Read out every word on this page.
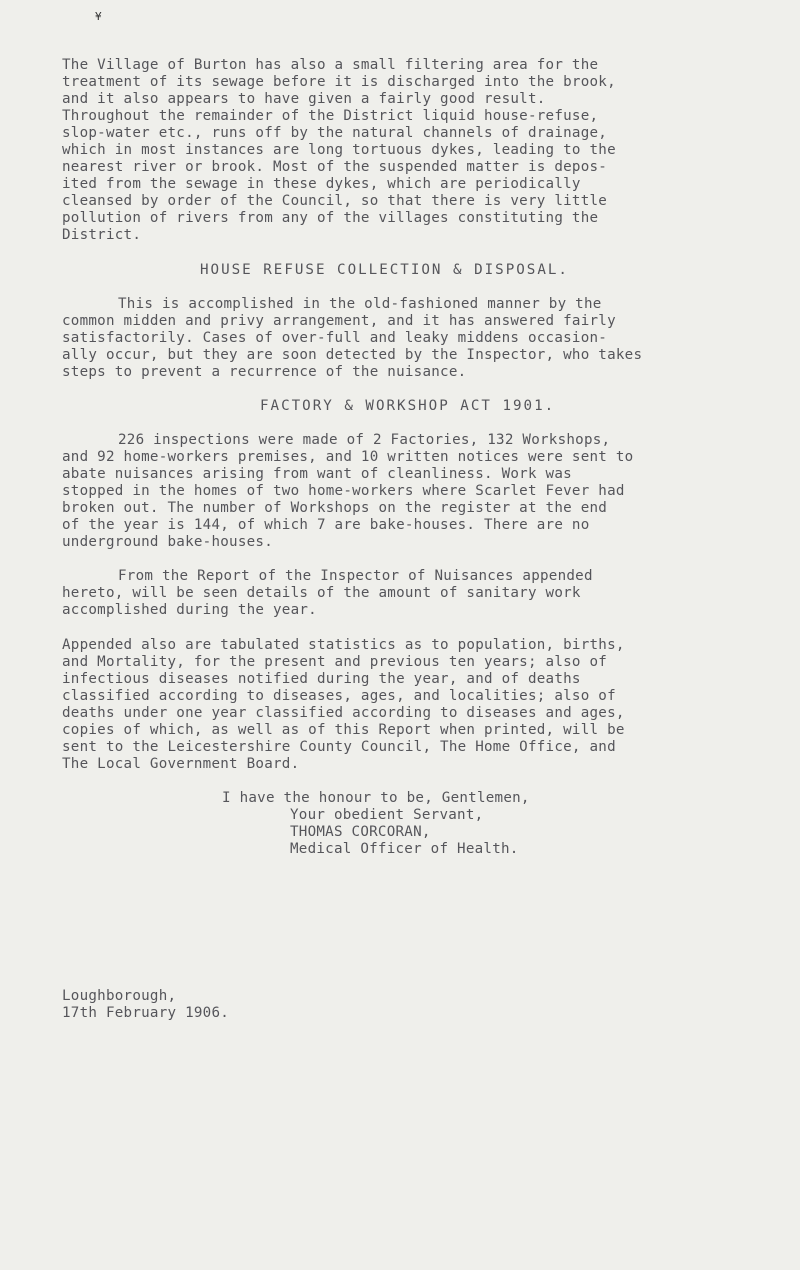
¥
The Village of Burton has also a small filtering area for the
treatment of its sewage before it is discharged into the brook,
and it also appears to have given a fairly good result.
Throughout the remainder of the District liquid house-refuse,
slop-water etc., runs off by the natural channels of drainage,
which in most instances are long tortuous dykes, leading to the
nearest river or brook. Most of the suspended matter is depos-
ited from the sewage in these dykes, which are periodically
cleansed by order of the Council, so that there is very little
pollution of rivers from any of the villages constituting the
District.
HOUSE REFUSE COLLECTION & DISPOSAL.
This is accomplished in the old-fashioned manner by the
common midden and privy arrangement, and it has answered fairly
satisfactorily. Cases of over-full and leaky middens occasion-
ally occur, but they are soon detected by the Inspector, who takes
steps to prevent a recurrence of the nuisance.
FACTORY & WORKSHOP ACT 1901.
226 inspections were made of 2 Factories, 132 Workshops,
and 92 home-workers premises, and 10 written notices were sent to
abate nuisances arising from want of cleanliness. Work was
stopped in the homes of two home-workers where Scarlet Fever had
broken out. The number of Workshops on the register at the end
of the year is 144, of which 7 are bake-houses. There are no
underground bake-houses.
From the Report of the Inspector of Nuisances appended
hereto, will be seen details of the amount of sanitary work
accomplished during the year.
Appended also are tabulated statistics as to population, births,
and Mortality, for the present and previous ten years; also of
infectious diseases notified during the year, and of deaths
classified according to diseases, ages, and localities; also of
deaths under one year classified according to diseases and ages,
copies of which, as well as of this Report when printed, will be
sent to the Leicestershire County Council, The Home Office, and
The Local Government Board.
I have the honour to be, Gentlemen,
Your obedient Servant,
THOMAS CORCORAN,
Medical Officer of Health.
Loughborough,
17th February 1906.
